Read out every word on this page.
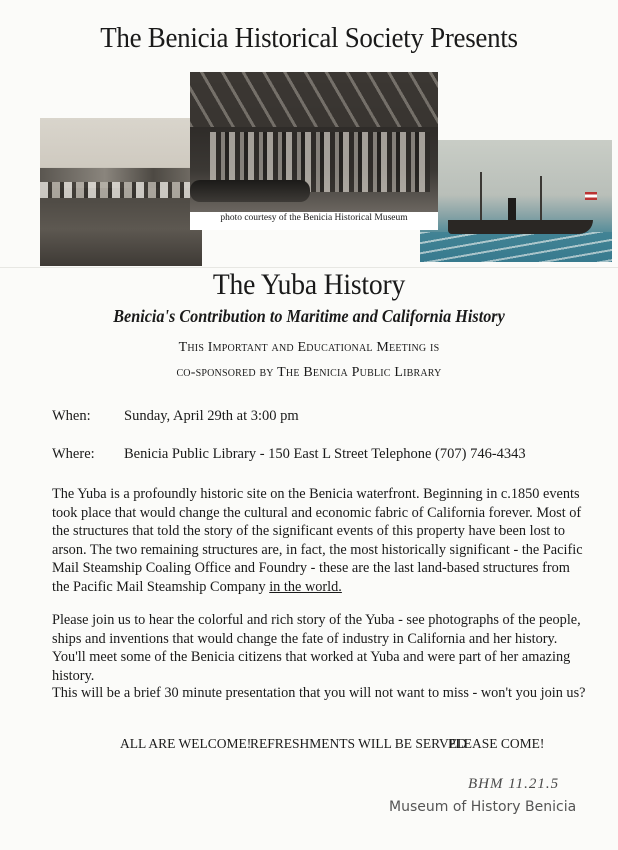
The Benicia Historical Society Presents
photo courtesy of the Benicia Historical Museum
The Yuba History
Benicia's Contribution to Maritime and California History
This Important and Educational Meeting is
co-sponsored by The Benicia Public Library
When: Sunday, April 29th at 3:00 pm
Where: Benicia Public Library - 150 East L Street Telephone (707) 746-4343
The Yuba is a profoundly historic site on the Benicia waterfront. Beginning in c.1850 events
took place that would change the cultural and economic fabric of California forever. Most of
the structures that told the story of the significant events of this property have been lost to
arson. The two remaining structures are, in fact, the most historically significant - the Pacific
Mail Steamship Coaling Office and Foundry - these are the last land-based structures from
the Pacific Mail Steamship Company in the world.
Please join us to hear the colorful and rich story of the Yuba - see photographs of the people,
ships and inventions that would change the fate of industry in California and her history.
You'll meet some of the Benicia citizens that worked at Yuba and were part of her amazing history.
This will be a brief 30 minute presentation that you will not want to miss - won't you join us?
ALL ARE WELCOME!
REFRESHMENTS WILL BE SERVED
PLEASE COME!
BHM 11.21.5
Museum of History Benicia
